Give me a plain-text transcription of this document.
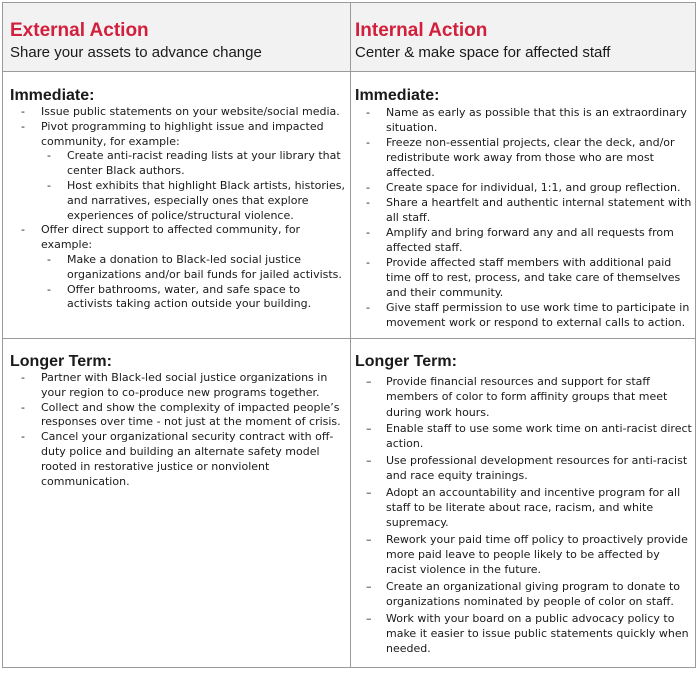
External Action
Share your assets to advance change
Internal Action
Center & make space for affected staff
Immediate:
- Issue public statements on your website/social media.
- Pivot programming to highlight issue and impacted community, for example:
- Create anti-racist reading lists at your library that center Black authors.
- Host exhibits that highlight Black artists, histories, and narratives, especially ones that explore experiences of police/structural violence.
- Offer direct support to affected community, for example:
- Make a donation to Black-led social justice organizations and/or bail funds for jailed activists.
- Offer bathrooms, water, and safe space to activists taking action outside your building.
Immediate:
- Name as early as possible that this is an extraordinary situation.
- Freeze non-essential projects, clear the deck, and/or redistribute work away from those who are most affected.
- Create space for individual, 1:1, and group reflection.
- Share a heartfelt and authentic internal statement with all staff.
- Amplify and bring forward any and all requests from affected staff.
- Provide affected staff members with additional paid time off to rest, process, and take care of themselves and their community.
- Give staff permission to use work time to participate in movement work or respond to external calls to action.
Longer Term:
- Partner with Black-led social justice organizations in your region to co-produce new programs together.
- Collect and show the complexity of impacted people’s responses over time - not just at the moment of crisis.
- Cancel your organizational security contract with off-duty police and building an alternate safety model rooted in restorative justice or nonviolent communication.
Longer Term:
– Provide financial resources and support for staff members of color to form affinity groups that meet during work hours.
– Enable staff to use some work time on anti-racist direct action.
– Use professional development resources for anti-racist and race equity trainings.
– Adopt an accountability and incentive program for all staff to be literate about race, racism, and white supremacy.
– Rework your paid time off policy to proactively provide more paid leave to people likely to be affected by racist violence in the future.
– Create an organizational giving program to donate to organizations nominated by people of color on staff.
– Work with your board on a public advocacy policy to make it easier to issue public statements quickly when needed.
